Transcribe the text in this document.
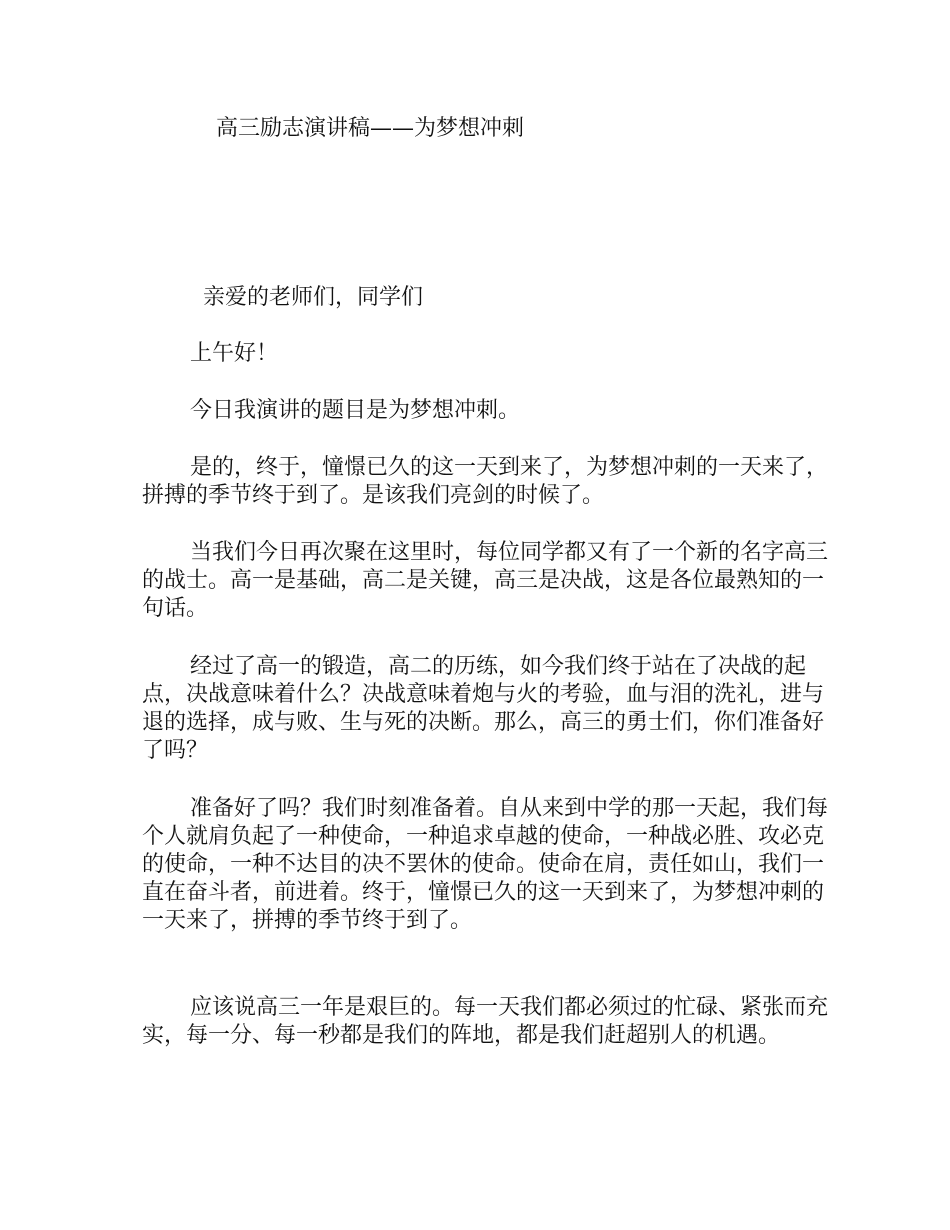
高三励志演讲稿——为梦想冲刺

亲爱的老师们，同学们

上午好！

今日我演讲的题目是为梦想冲刺。

是的，终于，憧憬已久的这一天到来了，为梦想冲刺的一天来了，拼搏的季节终于到了。是该我们亮剑的时候了。

当我们今日再次聚在这里时，每位同学都又有了一个新的名字高三的战士。高一是基础，高二是关键，高三是决战，这是各位最熟知的一句话。

经过了高一的锻造，高二的历练，如今我们终于站在了决战的起点，决战意味着什么？决战意味着炮与火的考验，血与泪的洗礼，进与退的选择，成与败、生与死的决断。那么，高三的勇士们，你们准备好了吗？

准备好了吗？我们时刻准备着。自从来到中学的那一天起，我们每个人就肩负起了一种使命，一种追求卓越的使命，一种战必胜、攻必克的使命，一种不达目的决不罢休的使命。使命在肩，责任如山，我们一直在奋斗者，前进着。终于，憧憬已久的这一天到来了，为梦想冲刺的一天来了，拼搏的季节终于到了。

应该说高三一年是艰巨的。每一天我们都必须过的忙碌、紧张而充实，每一分、每一秒都是我们的阵地，都是我们赶超别人的机遇。
